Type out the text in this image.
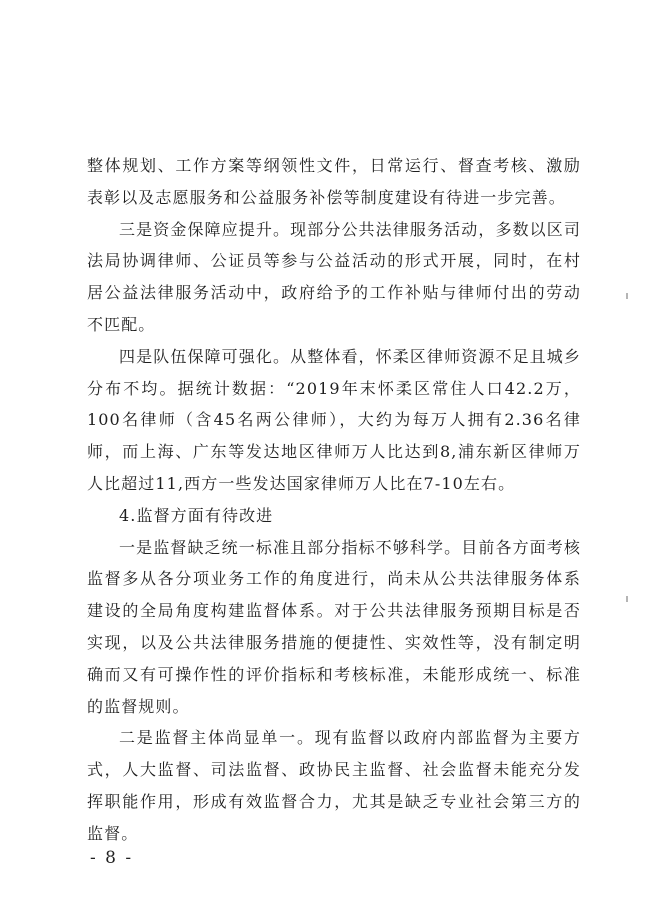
整体规划、工作方案等纲领性文件，日常运行、督查考核、激励表彰以及志愿服务和公益服务补偿等制度建设有待进一步完善。

三是资金保障应提升。现部分公共法律服务活动，多数以区司法局协调律师、公证员等参与公益活动的形式开展，同时，在村居公益法律服务活动中，政府给予的工作补贴与律师付出的劳动不匹配。

四是队伍保障可强化。从整体看，怀柔区律师资源不足且城乡分布不均。据统计数据：“2019年末怀柔区常住人口42.2万，100名律师（含45名两公律师），大约为每万人拥有2.36名律师，而上海、广东等发达地区律师万人比达到8,浦东新区律师万人比超过11,西方一些发达国家律师万人比在7-10左右。

4.监督方面有待改进

一是监督缺乏统一标准且部分指标不够科学。目前各方面考核监督多从各分项业务工作的角度进行，尚未从公共法律服务体系建设的全局角度构建监督体系。对于公共法律服务预期目标是否实现，以及公共法律服务措施的便捷性、实效性等，没有制定明确而又有可操作性的评价指标和考核标准，未能形成统一、标准的监督规则。

二是监督主体尚显单一。现有监督以政府内部监督为主要方式，人大监督、司法监督、政协民主监督、社会监督未能充分发挥职能作用，形成有效监督合力，尤其是缺乏专业社会第三方的监督。

- 8 -
